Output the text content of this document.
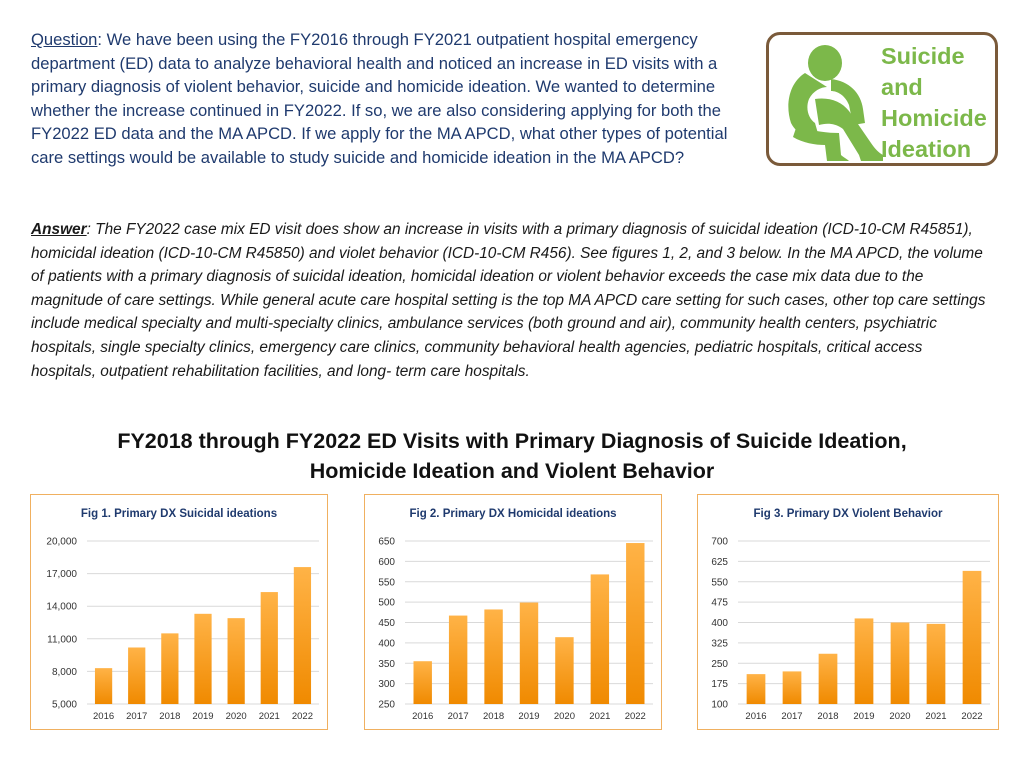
Question: We have been using the FY2016 through FY2021 outpatient hospital emergency department (ED) data to analyze behavioral health and noticed an increase in ED visits with a primary diagnosis of violent behavior, suicide and homicide ideation. We wanted to determine whether the increase continued in FY2022. If so, we are also considering applying for both the FY2022 ED data and the MA APCD. If we apply for the MA APCD, what other types of potential care settings would be available to study suicide and homicide ideation in the MA APCD?
Suicide
and
Homicide
Ideation
Answer: The FY2022 case mix ED visit does show an increase in visits with a primary diagnosis of suicidal ideation (ICD-10-CM R45851), homicidal ideation (ICD-10-CM R45850) and violet behavior (ICD-10-CM R456). See figures 1, 2, and 3 below. In the MA APCD, the volume of patients with a primary diagnosis of suicidal ideation, homicidal ideation or violent behavior exceeds the case mix data due to the magnitude of care settings. While general acute care hospital setting is the top MA APCD care setting for such cases, other top care settings include medical specialty and multi-specialty clinics, ambulance services (both ground and air), community health centers, psychiatric hospitals, single specialty clinics, emergency care clinics, community behavioral health agencies, pediatric hospitals, critical access hospitals, outpatient rehabilitation facilities, and long- term care hospitals.
FY2018 through FY2022 ED Visits with Primary Diagnosis of Suicide Ideation, Homicide Ideation and Violent Behavior
Fig 1. Primary DX Suicidal ideations
5,000
8,000
11,000
14,000
17,000
20,000
2016 2017 2018 2019 2020 2021 2022
Fig 2. Primary DX Homicidal ideations
250
300
350
400
450
500
550
600
650
2016 2017 2018 2019 2020 2021 2022
Fig 3. Primary DX Violent Behavior
100
175
250
325
400
475
550
625
700
2016 2017 2018 2019 2020 2021 2022
